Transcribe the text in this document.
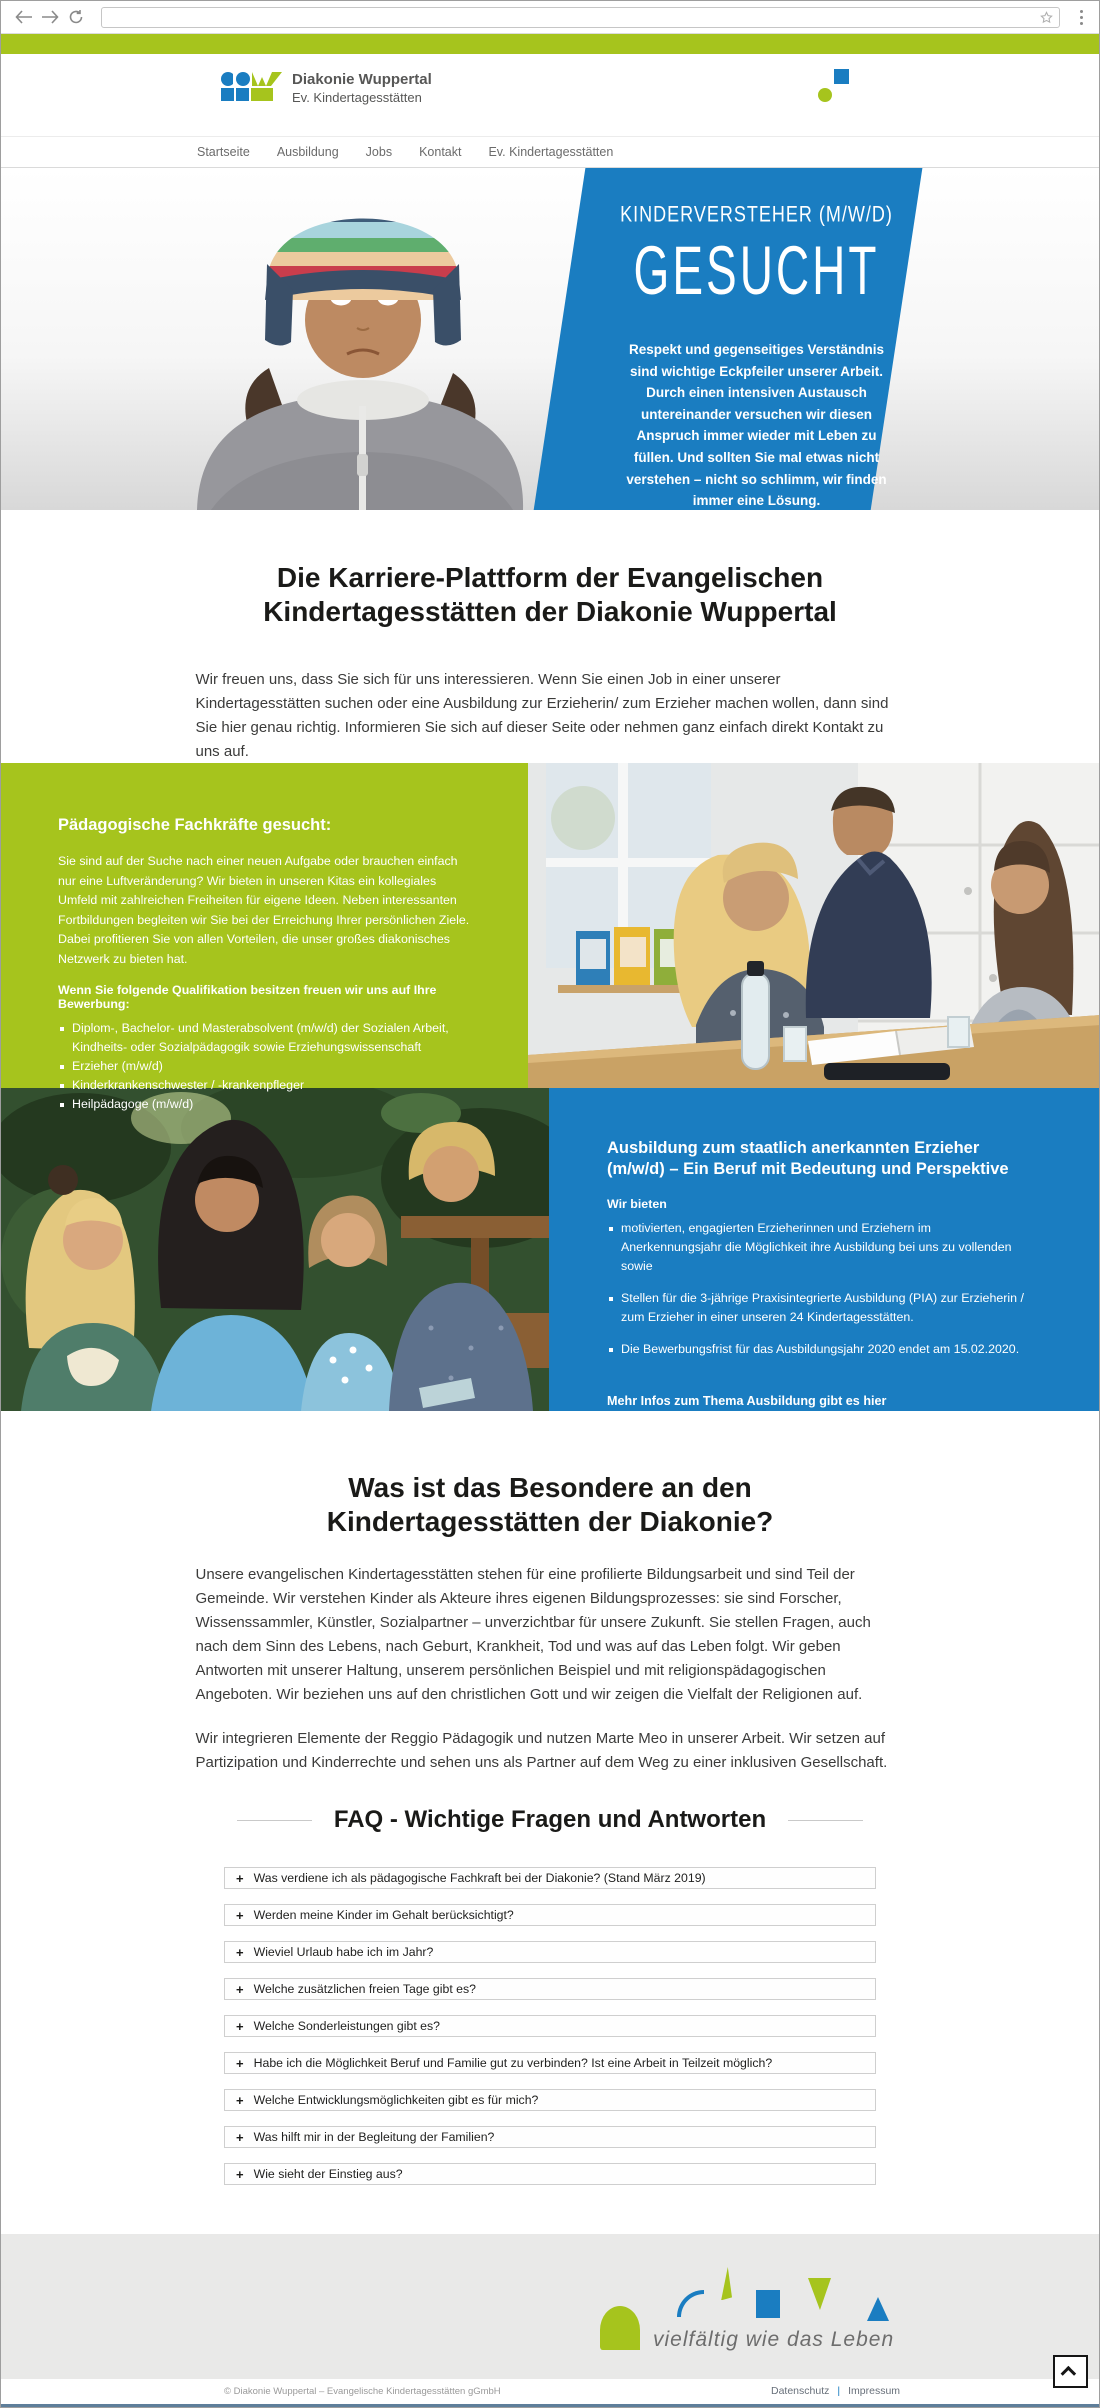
Diakonie Wuppertal
Ev. Kindertagesstätten
Startseite Ausbildung Jobs Kontakt Ev. Kindertagesstätten
KINDERVERSTEHER (M/W/D)
GESUCHT

Respekt und gegenseitiges Verständnis sind wichtige Eckpfeiler unserer Arbeit. Durch einen intensiven Austausch untereinander versuchen wir diesen Anspruch immer wieder mit Leben zu füllen. Und sollten Sie mal etwas nicht verstehen – nicht so schlimm, wir finden immer eine Lösung.

Die Karriere-Plattform der Evangelischen Kindertagesstätten der Diakonie Wuppertal

Wir freuen uns, dass Sie sich für uns interessieren. Wenn Sie einen Job in einer unserer Kindertagesstätten suchen oder eine Ausbildung zur Erzieherin/ zum Erzieher machen wollen, dann sind Sie hier genau richtig. Informieren Sie sich auf dieser Seite oder nehmen ganz einfach direkt Kontakt zu uns auf.

Pädagogische Fachkräfte gesucht:

Sie sind auf der Suche nach einer neuen Aufgabe oder brauchen einfach nur eine Luftveränderung? Wir bieten in unseren Kitas ein kollegiales Umfeld mit zahlreichen Freiheiten für eigene Ideen. Neben interessanten Fortbildungen begleiten wir Sie bei der Erreichung Ihrer persönlichen Ziele. Dabei profitieren Sie von allen Vorteilen, die unser großes diakonisches Netzwerk zu bieten hat.

Wenn Sie folgende Qualifikation besitzen freuen wir uns auf Ihre Bewerbung:
Diplom-, Bachelor- und Masterabsolvent (m/w/d) der Sozialen Arbeit, Kindheits- oder Sozialpädagogik sowie Erziehungswissenschaft
Erzieher (m/w/d)
Kinderkrankenschwester / -krankenpfleger
Heilpädagoge (m/w/d)
Ausbildung zum staatlich anerkannten Erzieher (m/w/d) – Ein Beruf mit Bedeutung und Perspektive
Wir bieten
motivierten, engagierten Erzieherinnen und Erziehern im Anerkennungsjahr die Möglichkeit ihre Ausbildung bei uns zu vollenden sowie
Stellen für die 3-jährige Praxisintegrierte Ausbildung (PIA) zur Erzieherin / zum Erzieher in einer unseren 24 Kindertagesstätten.
Die Bewerbungsfrist für das Ausbildungsjahr 2020 endet am 15.02.2020.
Mehr Infos zum Thema Ausbildung gibt es hier
Was ist das Besondere an den Kindertagesstätten der Diakonie?

Unsere evangelischen Kindertagesstätten stehen für eine profilierte Bildungsarbeit und sind Teil der Gemeinde. Wir verstehen Kinder als Akteure ihres eigenen Bildungsprozesses: sie sind Forscher, Wissenssammler, Künstler, Sozialpartner – unverzichtbar für unsere Zukunft. Sie stellen Fragen, auch nach dem Sinn des Lebens, nach Geburt, Krankheit, Tod und was auf das Leben folgt. Wir geben Antworten mit unserer Haltung, unserem persönlichen Beispiel und mit religionspädagogischen Angeboten. Wir beziehen uns auf den christlichen Gott und wir zeigen die Vielfalt der Religionen auf.

Wir integrieren Elemente der Reggio Pädagogik und nutzen Marte Meo in unserer Arbeit. Wir setzen auf Partizipation und Kinderrechte und sehen uns als Partner auf dem Weg zu einer inklusiven Gesellschaft.

FAQ - Wichtige Fragen und Antworten
+ Was verdiene ich als pädagogische Fachkraft bei der Diakonie? (Stand März 2019)
+ Werden meine Kinder im Gehalt berücksichtigt?
+ Wieviel Urlaub habe ich im Jahr?
+ Welche zusätzlichen freien Tage gibt es?
+ Welche Sonderleistungen gibt es?
+ Habe ich die Möglichkeit Beruf und Familie gut zu verbinden? Ist eine Arbeit in Teilzeit möglich?
+ Welche Entwicklungsmöglichkeiten gibt es für mich?
+ Was hilft mir in der Begleitung der Familien?
+ Wie sieht der Einstieg aus?
vielfältig wie das Leben
© Diakonie Wuppertal – Evangelische Kindertagesstätten gGmbH	Datenschutz | Impressum
